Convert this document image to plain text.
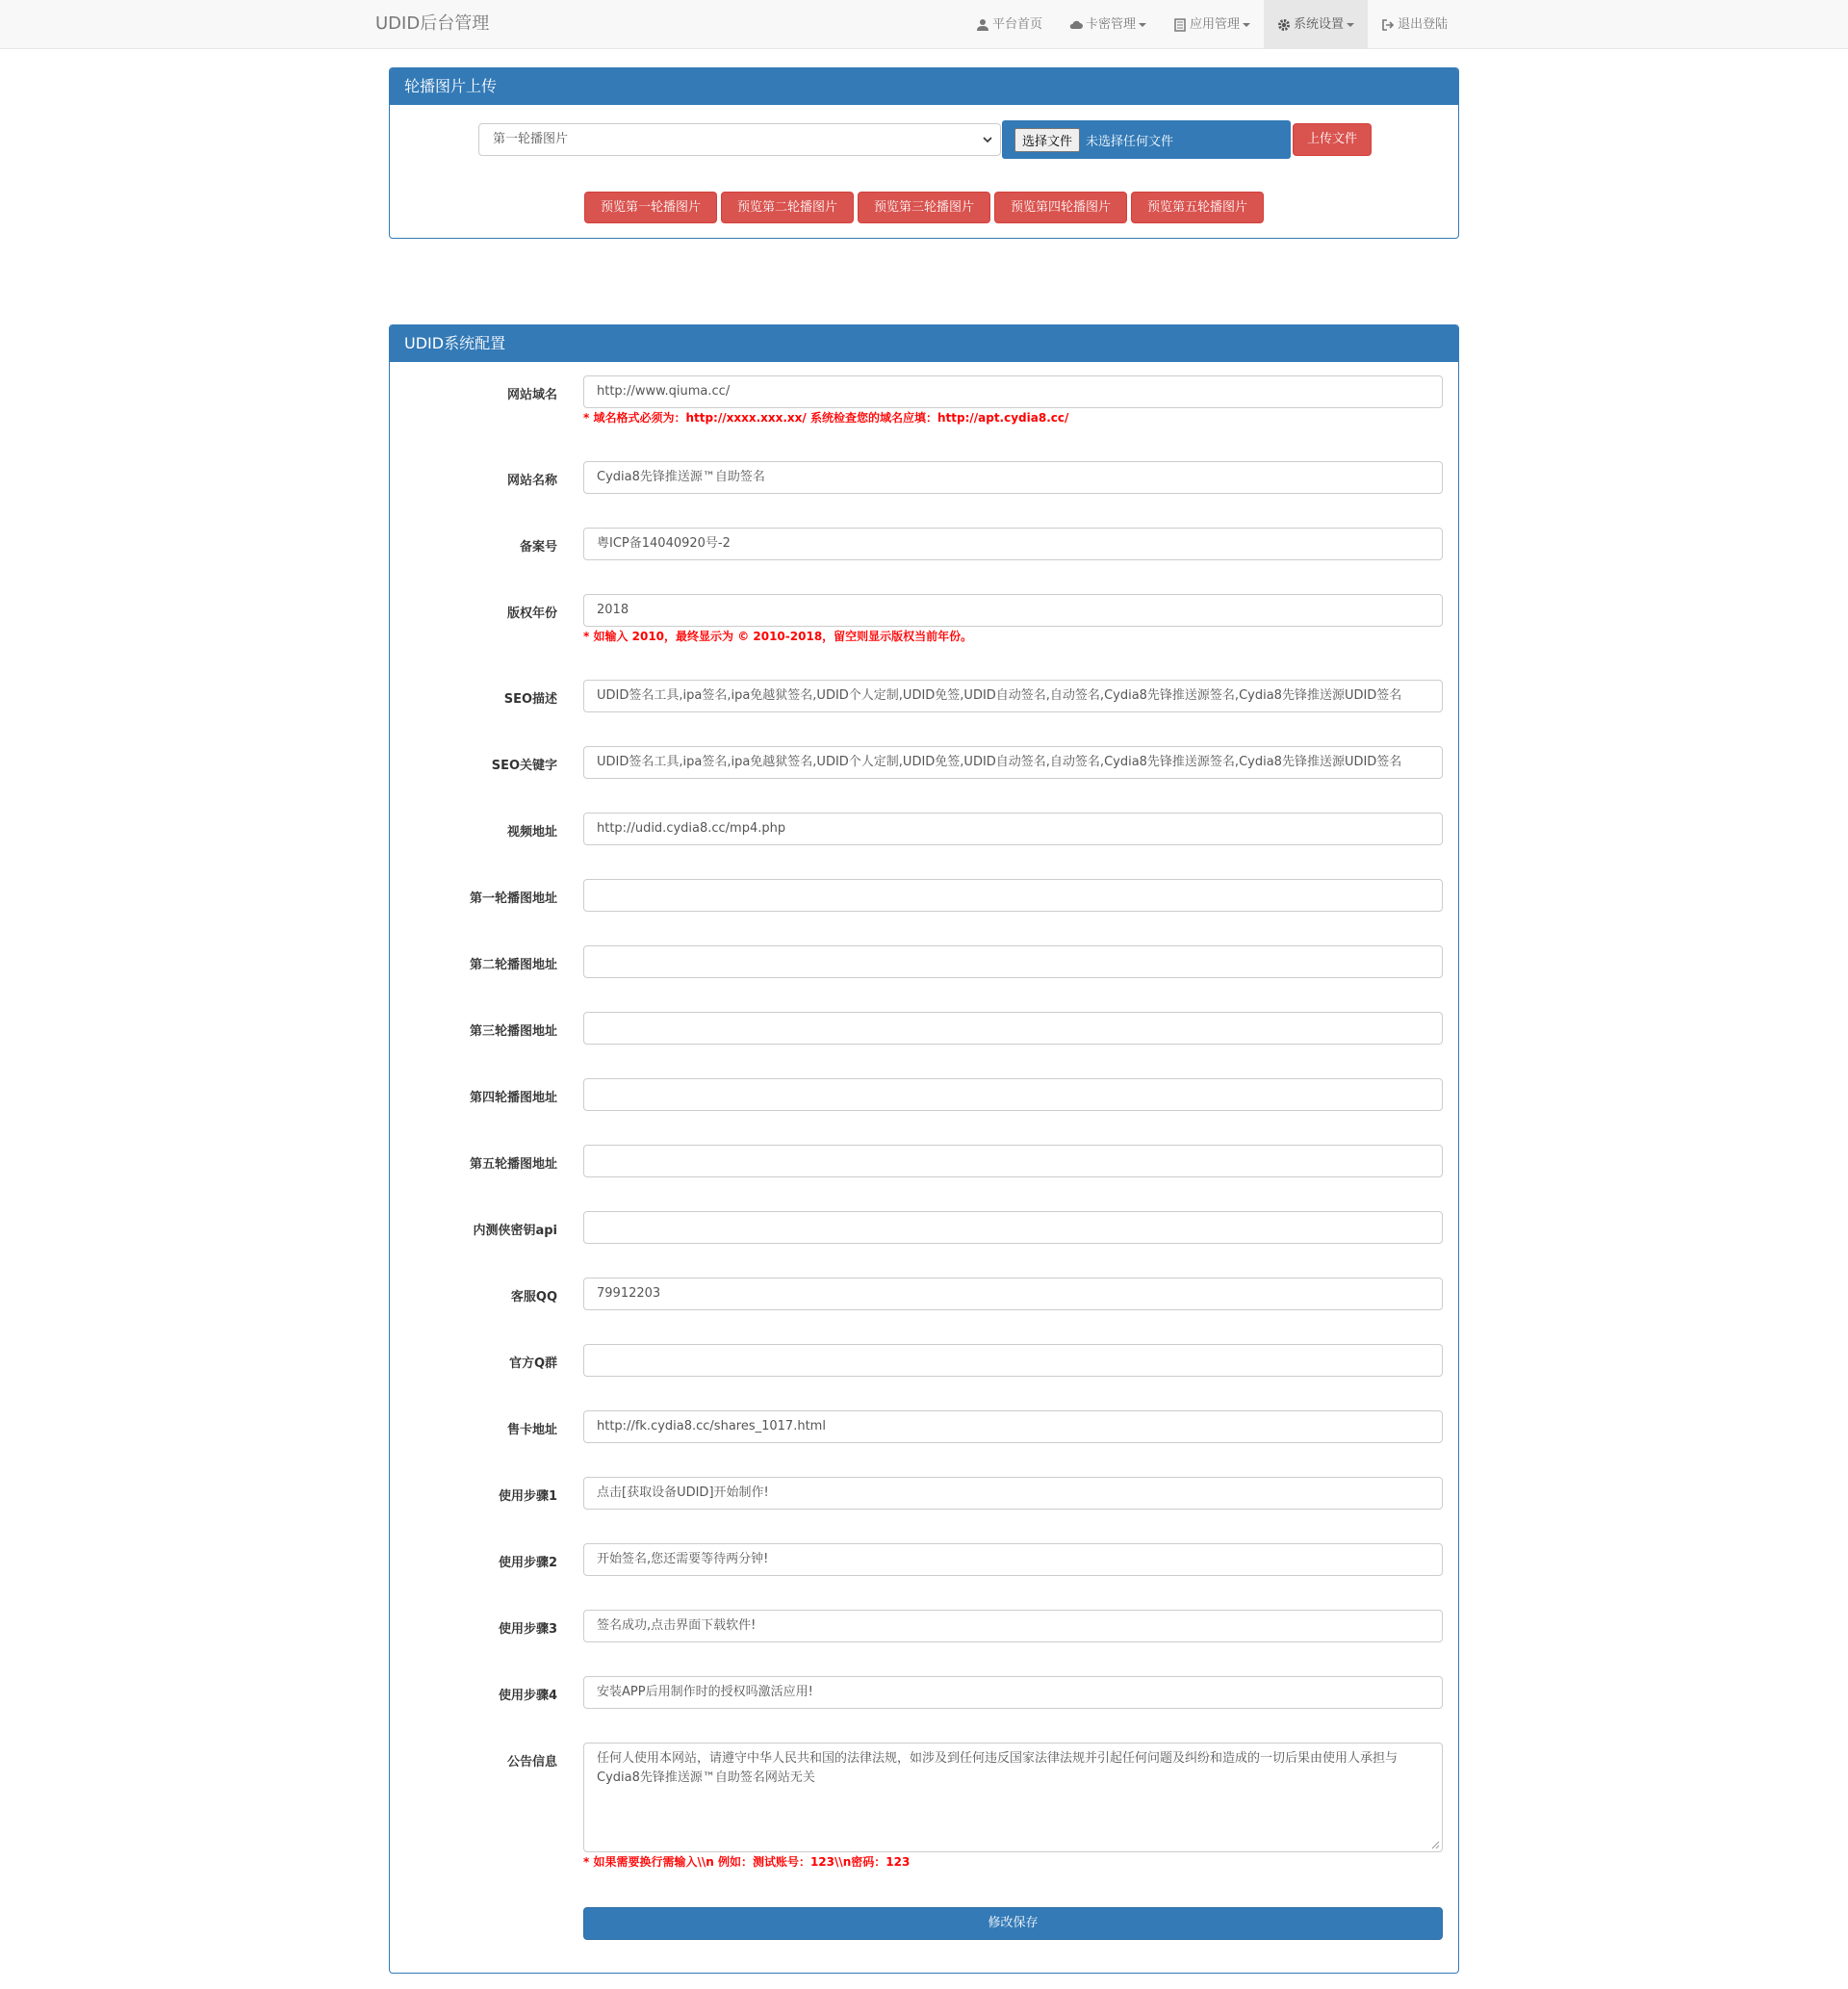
UDID后台管理	平台首页	卡密管理	应用管理	系统设置	退出登陆
轮播图片上传
第一轮播图片	选择文件	未选择任何文件	上传文件
预览第一轮播图片	预览第二轮播图片	预览第三轮播图片	预览第四轮播图片	预览第五轮播图片
UDID系统配置
网站域名	http://www.qiuma.cc/
* 域名格式必须为：http://xxxx.xxx.xx/ 系统检查您的域名应填：http://apt.cydia8.cc/
网站名称	Cydia8先锋推送源™自助签名
备案号	粤ICP备14040920号-2
版权年份	2018
* 如输入 2010，最终显示为 © 2010-2018，留空则显示版权当前年份。
SEO描述	UDID签名工具,ipa签名,ipa免越狱签名,UDID个人定制,UDID免签,UDID自动签名,自动签名,Cydia8先锋推送源签名,Cydia8先锋推送源UDID签名
SEO关键字	UDID签名工具,ipa签名,ipa免越狱签名,UDID个人定制,UDID免签,UDID自动签名,自动签名,Cydia8先锋推送源签名,Cydia8先锋推送源UDID签名
视频地址	http://udid.cydia8.cc/mp4.php
第一轮播图地址
第二轮播图地址
第三轮播图地址
第四轮播图地址
第五轮播图地址
内测侠密钥api
客服QQ	79912203
官方Q群
售卡地址	http://fk.cydia8.cc/shares_1017.html
使用步骤1	点击[获取设备UDID]开始制作!
使用步骤2	开始签名,您还需要等待两分钟!
使用步骤3	签名成功,点击界面下载软件!
使用步骤4	安装APP后用制作时的授权吗激活应用!
公告信息	任何人使用本网站，请遵守中华人民共和国的法律法规，如涉及到任何违反国家法律法规并引起任何问题及纠纷和造成的一切后果由使用人承担与Cydia8先锋推送源™自助签名网站无关
* 如果需要换行需输入\\n 例如：测试账号：123\\n密码：123
修改保存
